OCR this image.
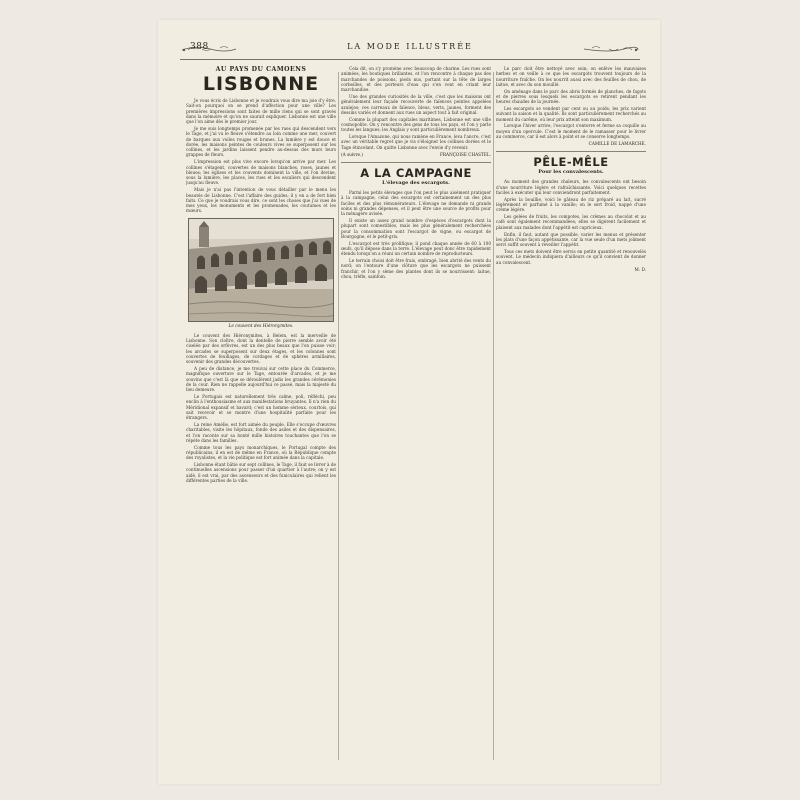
388	LA MODE ILLUSTRÉE
AU PAYS DU CAMOËNS
LISBONNE

Je vous écris de Lisbonne et je voudrais vous dire ma joie d'y être. Sait-on pourquoi on se prend d'affection pour une ville? Les premières impressions sont faites de mille riens qui se sont gravés dans la mémoire et qu'on ne saurait expliquer. Lisbonne est une ville que l'on aime dès le premier jour.

Je me suis longtemps promenée par les rues qui descendent vers le Tage, et j'ai vu le fleuve s'étendre au loin comme une mer, couvert de barques aux voiles rouges et brunes. La lumière y est douce et dorée, les maisons peintes de couleurs vives se superposent sur les collines, et les jardins laissent pendre au-dessus des murs leurs grappes de fleurs.

L'impression est plus vive encore lorsqu'on arrive par mer. Les collines s'étagent, couvertes de maisons blanches, roses, jaunes et bleues; les églises et les couvents dominent la ville, et l'on devine, sous la lumière, les places, les rues et les escaliers qui descendent jusqu'au fleuve.

Mais je n'ai pas l'intention de vous détailler par le menu les beautés de Lisbonne. C'est l'affaire des guides; il y en a de fort bien faits. Ce que je voudrais vous dire, ce sont les choses que j'ai vues de mes yeux, les monuments et les promenades, les coutumes et les mœurs.

Le couvent des Hiéronymites.

Le couvent des Hiéronymites, à Belem, est la merveille de Lisbonne. Son cloître, dont la dentelle de pierre semble avoir été ciselée par des orfèvres, est un des plus beaux que l'on puisse voir; les arcades se superposent sur deux étages, et les colonnes sont couvertes de feuillages, de cordages et de sphères armillaires, souvenir des grandes découvertes.

A peu de distance, je me trouvai sur cette place du Commerce, magnifique ouverture sur le Tage, entourée d'arcades, et je me souvins que c'est là que se déroulèrent jadis les grandes cérémonies de la cour. Rien ne rappelle aujourd'hui ce passé, mais la majesté du lieu demeure.

Le Portugais est naturellement très calme, poli, réfléchi, peu enclin à l'enthousiasme et aux manifestations bruyantes. Il n'a rien du Méridional expansif et bavard; c'est un homme sérieux, courtois, qui sait recevoir et se montre d'une hospitalité parfaite pour les étrangers.

La reine Amélie, est fort aimée du peuple. Elle s'occupe d'œuvres charitables, visite les hôpitaux, fonde des asiles et des dispensaires, et l'on raconte sur sa bonté mille histoires touchantes que l'on se répète dans les familles.

Comme tous les pays monarchiques, le Portugal compte des républicains; il en est de même en France, où la République compte des royalistes, et la vie politique est fort animée dans la capitale.

Lisbonne étant bâtie sur sept collines, le Tage, il faut se livrer à de continuelles ascensions pour passer d'un quartier à l'autre; on y est aidé, il est vrai, par des ascenseurs et des funiculaires qui relient les différentes parties de la ville.

Cela dit, on s'y promène avec beaucoup de charme. Les rues sont animées, les boutiques brillantes, et l'on rencontre à chaque pas des marchandes de poissons, pieds nus, portant sur la tête de larges corbeilles, et des porteurs d'eau qui s'en vont en criant leur marchandise.

Une des grandes curiosités de la ville, c'est que les maisons ont généralement leur façade recouverte de faïences peintes appelées azulejos; ces carreaux de faïence, bleus, verts, jaunes, forment des dessins variés et donnent aux rues un aspect tout à fait original.

Comme la plupart des capitales maritimes, Lisbonne est une ville cosmopolite. On y rencontre des gens de tous les pays, et l'on y parle toutes les langues; les Anglais y sont particulièrement nombreux.

Lorsque l'Amazone, qui nous ramène en France, leva l'ancre, c'est avec un véritable regret que je vis s'éloigner les collines dorées et le Tage étincelant. On quitte Lisbonne avec l'envie d'y revenir.

(A suivre.)	FRANÇOISE CHASTEL.
A LA CAMPAGNE
L'élevage des escargots.

Parmi les petits élevages que l'on peut le plus aisément pratiquer à la campagne, celui des escargots est certainement un des plus faciles et des plus rémunérateurs. L'élevage ne demande ni grands soins ni grandes dépenses, et il peut être une source de profits pour la ménagère avisée.

Il existe un assez grand nombre d'espèces d'escargots dont la plupart sont comestibles, mais les plus généralement recherchées pour la consommation sont l'escargot de vigne, ou escargot de Bourgogne, et le petit-gris.

L'escargot est très prolifique; il pond chaque année de 60 à 100 œufs, qu'il dépose dans la terre. L'élevage peut donc être rapidement étendu lorsqu'on a réuni un certain nombre de reproducteurs.

Le terrain choisi doit être frais, ombragé, bien abrité des vents du nord; on l'entoure d'une clôture que les escargots ne puissent franchir, et l'on y sème des plantes dont ils se nourrissent: laitue, chou, trèfle, sainfoin.

Le parc doit être nettoyé avec soin; on enlève les mauvaises herbes et on veille à ce que les escargots trouvent toujours de la nourriture fraîche. On les nourrit aussi avec des feuilles de chou, de laitue, et avec du son mouillé.

On aménage dans le parc des abris formés de planches, de fagots et de pierres sous lesquels les escargots se retirent pendant les heures chaudes de la journée.

Les escargots se vendent par cent ou au poids; les prix varient suivant la saison et la qualité. Ils sont particulièrement recherchés au moment du carême, où leur prix atteint son maximum.

Lorsque l'hiver arrive, l'escargot s'enterre et ferme sa coquille au moyen d'un opercule. C'est le moment de le ramasser pour le livrer au commerce, car il est alors à point et se conserve longtemps.

CAMILLE DE LAMARCHE.
PÊLE-MÊLE
Pour les convalescents.

Au moment des grandes chaleurs, les convalescents ont besoin d'une nourriture légère et rafraîchissante. Voici quelques recettes faciles à exécuter qui leur conviendront parfaitement.

Après la bouillie, voici le gâteau de riz préparé au lait, sucré légèrement et parfumé à la vanille; on le sert froid, nappé d'une crème légère.

Les gelées de fruits, les compotes, les crèmes au chocolat et au café sont également recommandées; elles se digèrent facilement et plaisent aux malades dont l'appétit est capricieux.

Enfin, il faut, autant que possible, varier les menus et présenter les plats d'une façon appétissante, car la vue seule d'un mets joliment servi suffit souvent à réveiller l'appétit.

Tous ces mets doivent être servis en petite quantité et renouvelés souvent. Le médecin indiquera d'ailleurs ce qu'il convient de donner au convalescent.

M. D.
